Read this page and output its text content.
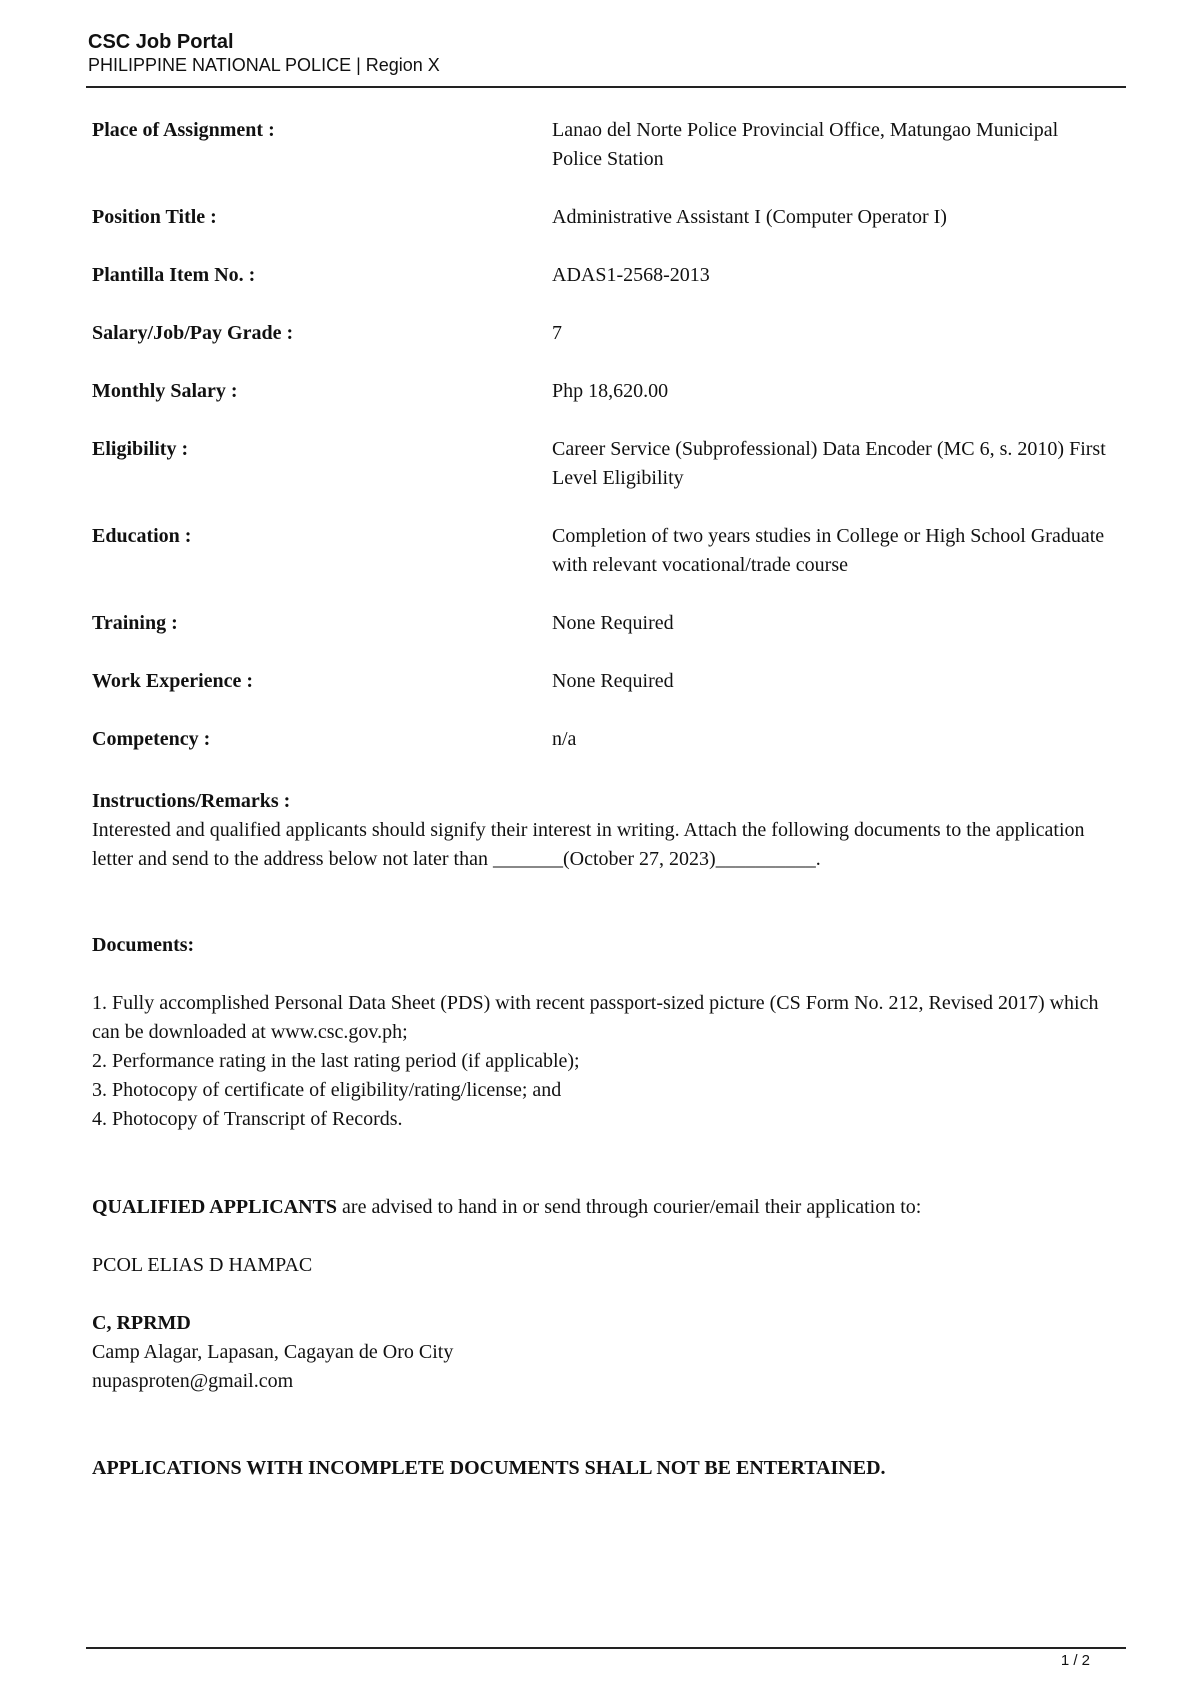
CSC Job Portal
PHILIPPINE NATIONAL POLICE | Region X
Place of Assignment :	Lanao del Norte Police Provincial Office, Matungao Municipal Police Station
Position Title :	Administrative Assistant I (Computer Operator I)
Plantilla Item No. :	ADAS1-2568-2013
Salary/Job/Pay Grade :	7
Monthly Salary :	Php 18,620.00
Eligibility :	Career Service (Subprofessional) Data Encoder (MC 6, s. 2010) First Level Eligibility
Education :	Completion of two years studies in College or High School Graduate with relevant vocational/trade course
Training :	None Required
Work Experience :	None Required
Competency :	n/a
Instructions/Remarks :
Interested and qualified applicants should signify their interest in writing. Attach the following documents to the application letter and send to the address below not later than _______(October 27, 2023)__________.
Documents:
1. Fully accomplished Personal Data Sheet (PDS) with recent passport-sized picture (CS Form No. 212, Revised 2017) which can be downloaded at www.csc.gov.ph;
2. Performance rating in the last rating period (if applicable);
3. Photocopy of certificate of eligibility/rating/license; and
4. Photocopy of Transcript of Records.
QUALIFIED APPLICANTS are advised to hand in or send through courier/email their application to:
PCOL ELIAS D HAMPAC
C, RPRMD
Camp Alagar, Lapasan, Cagayan de Oro City
nupasproten@gmail.com
APPLICATIONS WITH INCOMPLETE DOCUMENTS SHALL NOT BE ENTERTAINED.
1 / 2
